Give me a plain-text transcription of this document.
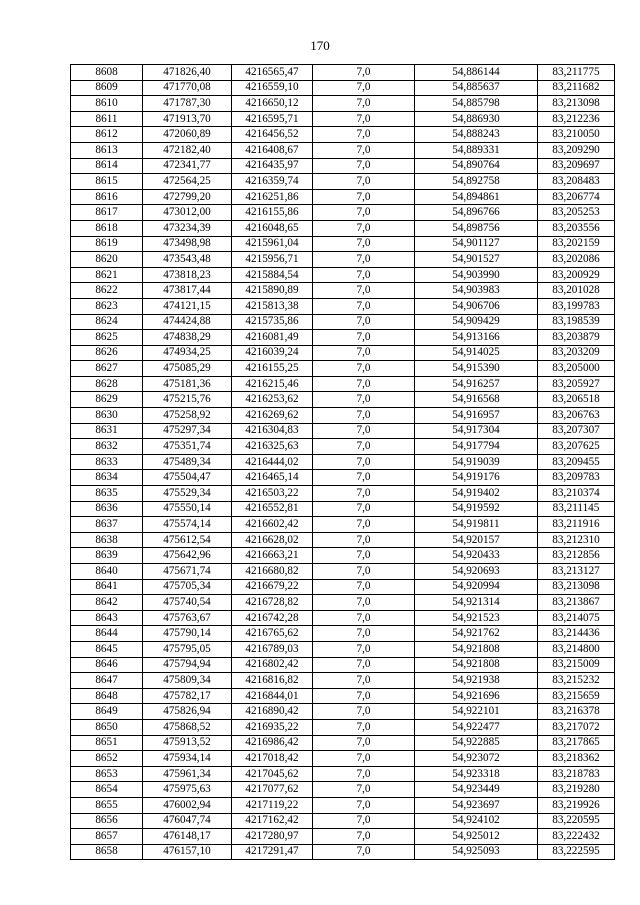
170
8608	471826,40	4216565,47	7,0	54,886144	83,211775
8609	471770,08	4216559,10	7,0	54,885637	83,211682
8610	471787,30	4216650,12	7,0	54,885798	83,213098
8611	471913,70	4216595,71	7,0	54,886930	83,212236
8612	472060,89	4216456,52	7,0	54,888243	83,210050
8613	472182,40	4216408,67	7,0	54,889331	83,209290
8614	472341,77	4216435,97	7,0	54,890764	83,209697
8615	472564,25	4216359,74	7,0	54,892758	83,208483
8616	472799,20	4216251,86	7,0	54,894861	83,206774
8617	473012,00	4216155,86	7,0	54,896766	83,205253
8618	473234,39	4216048,65	7,0	54,898756	83,203556
8619	473498,98	4215961,04	7,0	54,901127	83,202159
8620	473543,48	4215956,71	7,0	54,901527	83,202086
8621	473818,23	4215884,54	7,0	54,903990	83,200929
8622	473817,44	4215890,89	7,0	54,903983	83,201028
8623	474121,15	4215813,38	7,0	54,906706	83,199783
8624	474424,88	4215735,86	7,0	54,909429	83,198539
8625	474838,29	4216081,49	7,0	54,913166	83,203879
8626	474934,25	4216039,24	7,0	54,914025	83,203209
8627	475085,29	4216155,25	7,0	54,915390	83,205000
8628	475181,36	4216215,46	7,0	54,916257	83,205927
8629	475215,76	4216253,62	7,0	54,916568	83,206518
8630	475258,92	4216269,62	7,0	54,916957	83,206763
8631	475297,34	4216304,83	7,0	54,917304	83,207307
8632	475351,74	4216325,63	7,0	54,917794	83,207625
8633	475489,34	4216444,02	7,0	54,919039	83,209455
8634	475504,47	4216465,14	7,0	54,919176	83,209783
8635	475529,34	4216503,22	7,0	54,919402	83,210374
8636	475550,14	4216552,81	7,0	54,919592	83,211145
8637	475574,14	4216602,42	7,0	54,919811	83,211916
8638	475612,54	4216628,02	7,0	54,920157	83,212310
8639	475642,96	4216663,21	7,0	54,920433	83,212856
8640	475671,74	4216680,82	7,0	54,920693	83,213127
8641	475705,34	4216679,22	7,0	54,920994	83,213098
8642	475740,54	4216728,82	7,0	54,921314	83,213867
8643	475763,67	4216742,28	7,0	54,921523	83,214075
8644	475790,14	4216765,62	7,0	54,921762	83,214436
8645	475795,05	4216789,03	7,0	54,921808	83,214800
8646	475794,94	4216802,42	7,0	54,921808	83,215009
8647	475809,34	4216816,82	7,0	54,921938	83,215232
8648	475782,17	4216844,01	7,0	54,921696	83,215659
8649	475826,94	4216890,42	7,0	54,922101	83,216378
8650	475868,52	4216935,22	7,0	54,922477	83,217072
8651	475913,52	4216986,42	7,0	54,922885	83,217865
8652	475934,14	4217018,42	7,0	54,923072	83,218362
8653	475961,34	4217045,62	7,0	54,923318	83,218783
8654	475975,63	4217077,62	7,0	54,923449	83,219280
8655	476002,94	4217119,22	7,0	54,923697	83,219926
8656	476047,74	4217162,42	7,0	54,924102	83,220595
8657	476148,17	4217280,97	7,0	54,925012	83,222432
8658	476157,10	4217291,47	7,0	54,925093	83,222595
